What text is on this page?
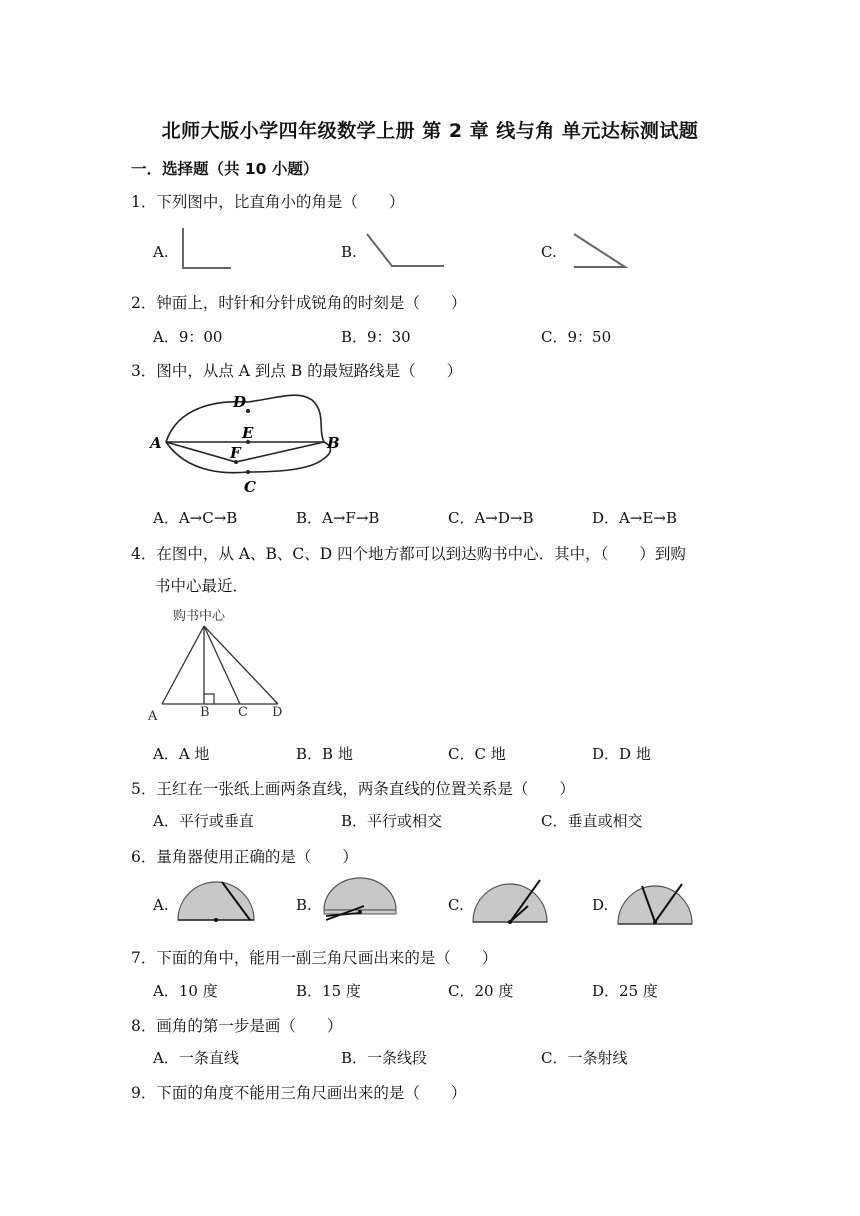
北师大版小学四年级数学上册 第 2 章 线与角 单元达标测试题
一．选择题（共 10 小题）
1．下列图中，比直角小的角是（　　）
A.	B.	C.
2．钟面上，时针和分针成锐角的时刻是（　　）
A．9：00	B．9：30	C．9：50
3．图中，从点 A 到点 B 的最短路线是（　　）
A	B
C
D
E
F
A．A→C→B	B．A→F→B	C．A→D→B	D．A→E→B
4．在图中，从 A、B、C、D 四个地方都可以到达购书中心．其中，（　　）到购
书中心最近．
购书中心
A	B C D
A．A 地	B．B 地	C．C 地	D．D 地
5．王红在一张纸上画两条直线，两条直线的位置关系是（　　）
A．平行或垂直	B．平行或相交	C．垂直或相交
6．量角器使用正确的是（　　）
A.	B.	C.	D.
7．下面的角中，能用一副三角尺画出来的是（　　）
A．10 度	B．15 度	C．20 度	D．25 度
8．画角的第一步是画（　　）
A．一条直线	B．一条线段	C．一条射线
9．下面的角度不能用三角尺画出来的是（　　）
